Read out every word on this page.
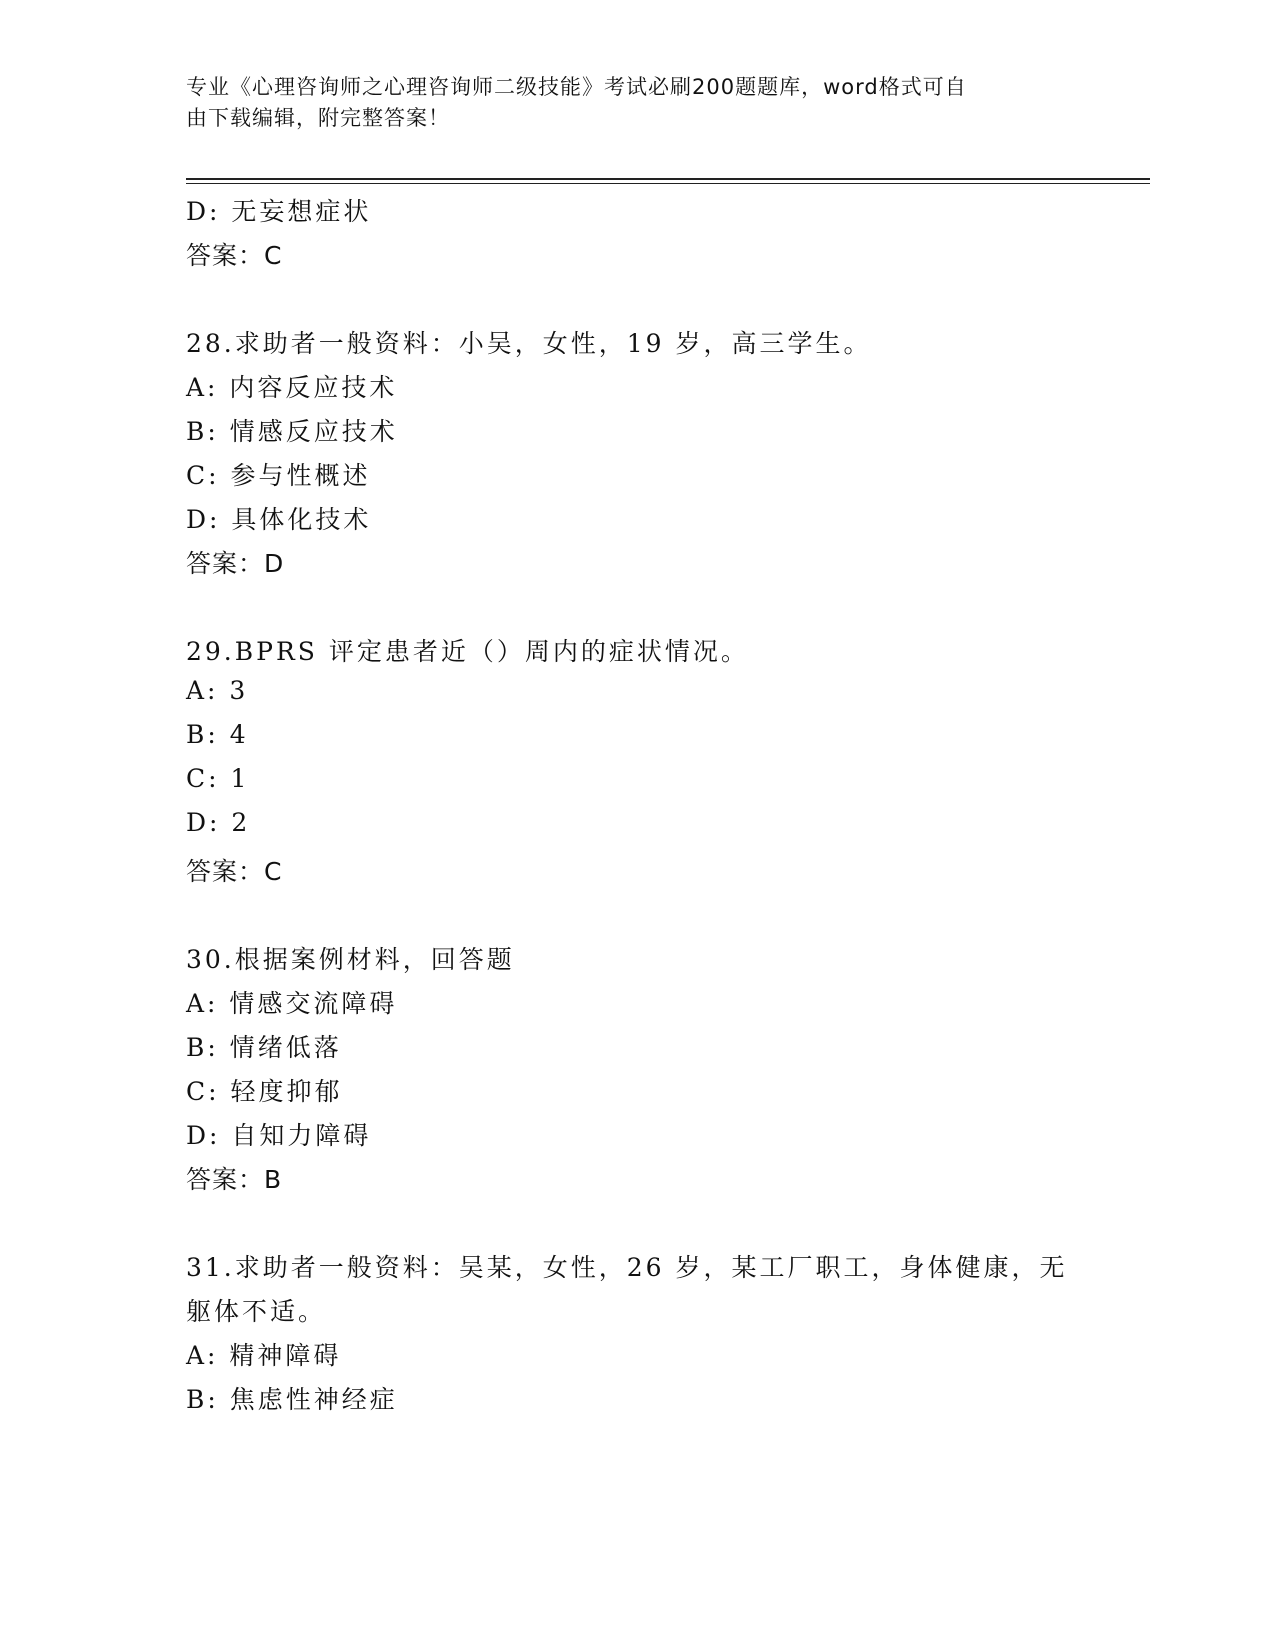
专业《心理咨询师之心理咨询师二级技能》考试必刷200题题库，word格式可自
由下载编辑，附完整答案！
D: 无妄想症状
答案：C
28.求助者一般资料：小吴，女性，19 岁，高三学生。
A: 内容反应技术
B: 情感反应技术
C: 参与性概述
D: 具体化技术
答案：D
29.BPRS 评定患者近（）周内的症状情况。
A: 3
B: 4
C: 1
D: 2
答案：C
30.根据案例材料，回答题
A: 情感交流障碍
B: 情绪低落
C: 轻度抑郁
D: 自知力障碍
答案：B
31.求助者一般资料：吴某，女性，26 岁，某工厂职工，身体健康，无
躯体不适。
A: 精神障碍
B: 焦虑性神经症
